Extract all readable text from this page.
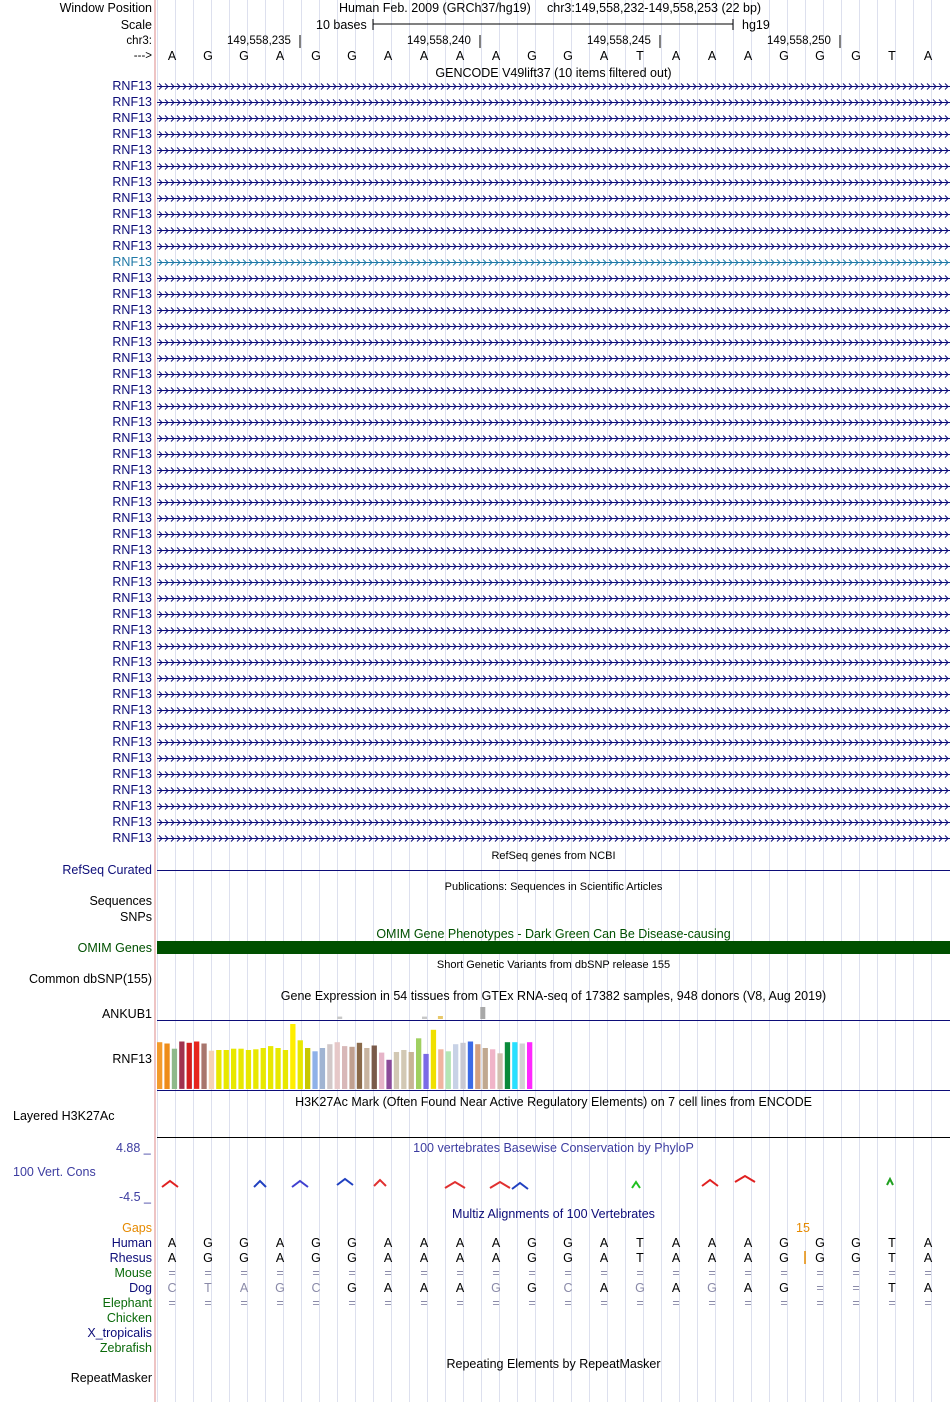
Window Position	Human Feb. 2009 (GRCh37/hg19) chr3:149,558,232-149,558,253 (22 bp)
Scale	10 bases	hg19
chr3:	149,558,235	149,558,240	149,558,245	149,558,250
--->	A	G	G	A	G	G	A	A	A	A	G	G	A	T	A	A	A	G	G	G	T	A
GENCODE V49lift37 (10 items filtered out)
RNF13
RNF13
RNF13
RNF13
RNF13
RNF13
RNF13
RNF13
RNF13
RNF13
RNF13
RNF13
RNF13
RNF13
RNF13
RNF13
RNF13
RNF13
RNF13
RNF13
RNF13
RNF13
RNF13
RNF13
RNF13
RNF13
RNF13
RNF13
RNF13
RNF13
RNF13
RNF13
RNF13
RNF13
RNF13
RNF13
RNF13
RNF13
RNF13
RNF13
RNF13
RNF13
RNF13
RNF13
RNF13
RNF13
RNF13
RNF13
RefSeq genes from NCBI
RefSeq Curated
Publications: Sequences in Scientific Articles
Sequences
SNPs
OMIM Gene Phenotypes - Dark Green Can Be Disease-causing
OMIM Genes
Short Genetic Variants from dbSNP release 155
Common dbSNP(155)
Gene Expression in 54 tissues from GTEx RNA-seq of 17382 samples, 948 donors (V8, Aug 2019)
ANKUB1
RNF13
H3K27Ac Mark (Often Found Near Active Regulatory Elements) on 7 cell lines from ENCODE
Layered H3K27Ac
100 vertebrates Basewise Conservation by PhyloP
4.88 _
100 Vert. Cons
-4.5 _
Multiz Alignments of 100 Vertebrates
Gaps	15
Human	A	G	G	A	G	G	A	A	A	A	G	G	A	T	A	A	A	G	G	G	T	A
Rhesus	A	G	G	A	G	G	A	A	A	A	G	G	A	T	A	A	A	G	G	G	T	A
Mouse	=	=	=	=	=	=	=	=	=	=	=	=	=	=	=	=	=	=	=	=	=	=
Dog	C	T	A	G	C	G	A	A	A	G	G	C	A	G	A	G	A	G	=	=	T	A
Elephant	=	=	=	=	=	=	=	=	=	=	=	=	=	=	=	=	=	=	=	=	=	=
Chicken
X_tropicalis
Zebrafish
Repeating Elements by RepeatMasker
RepeatMasker
